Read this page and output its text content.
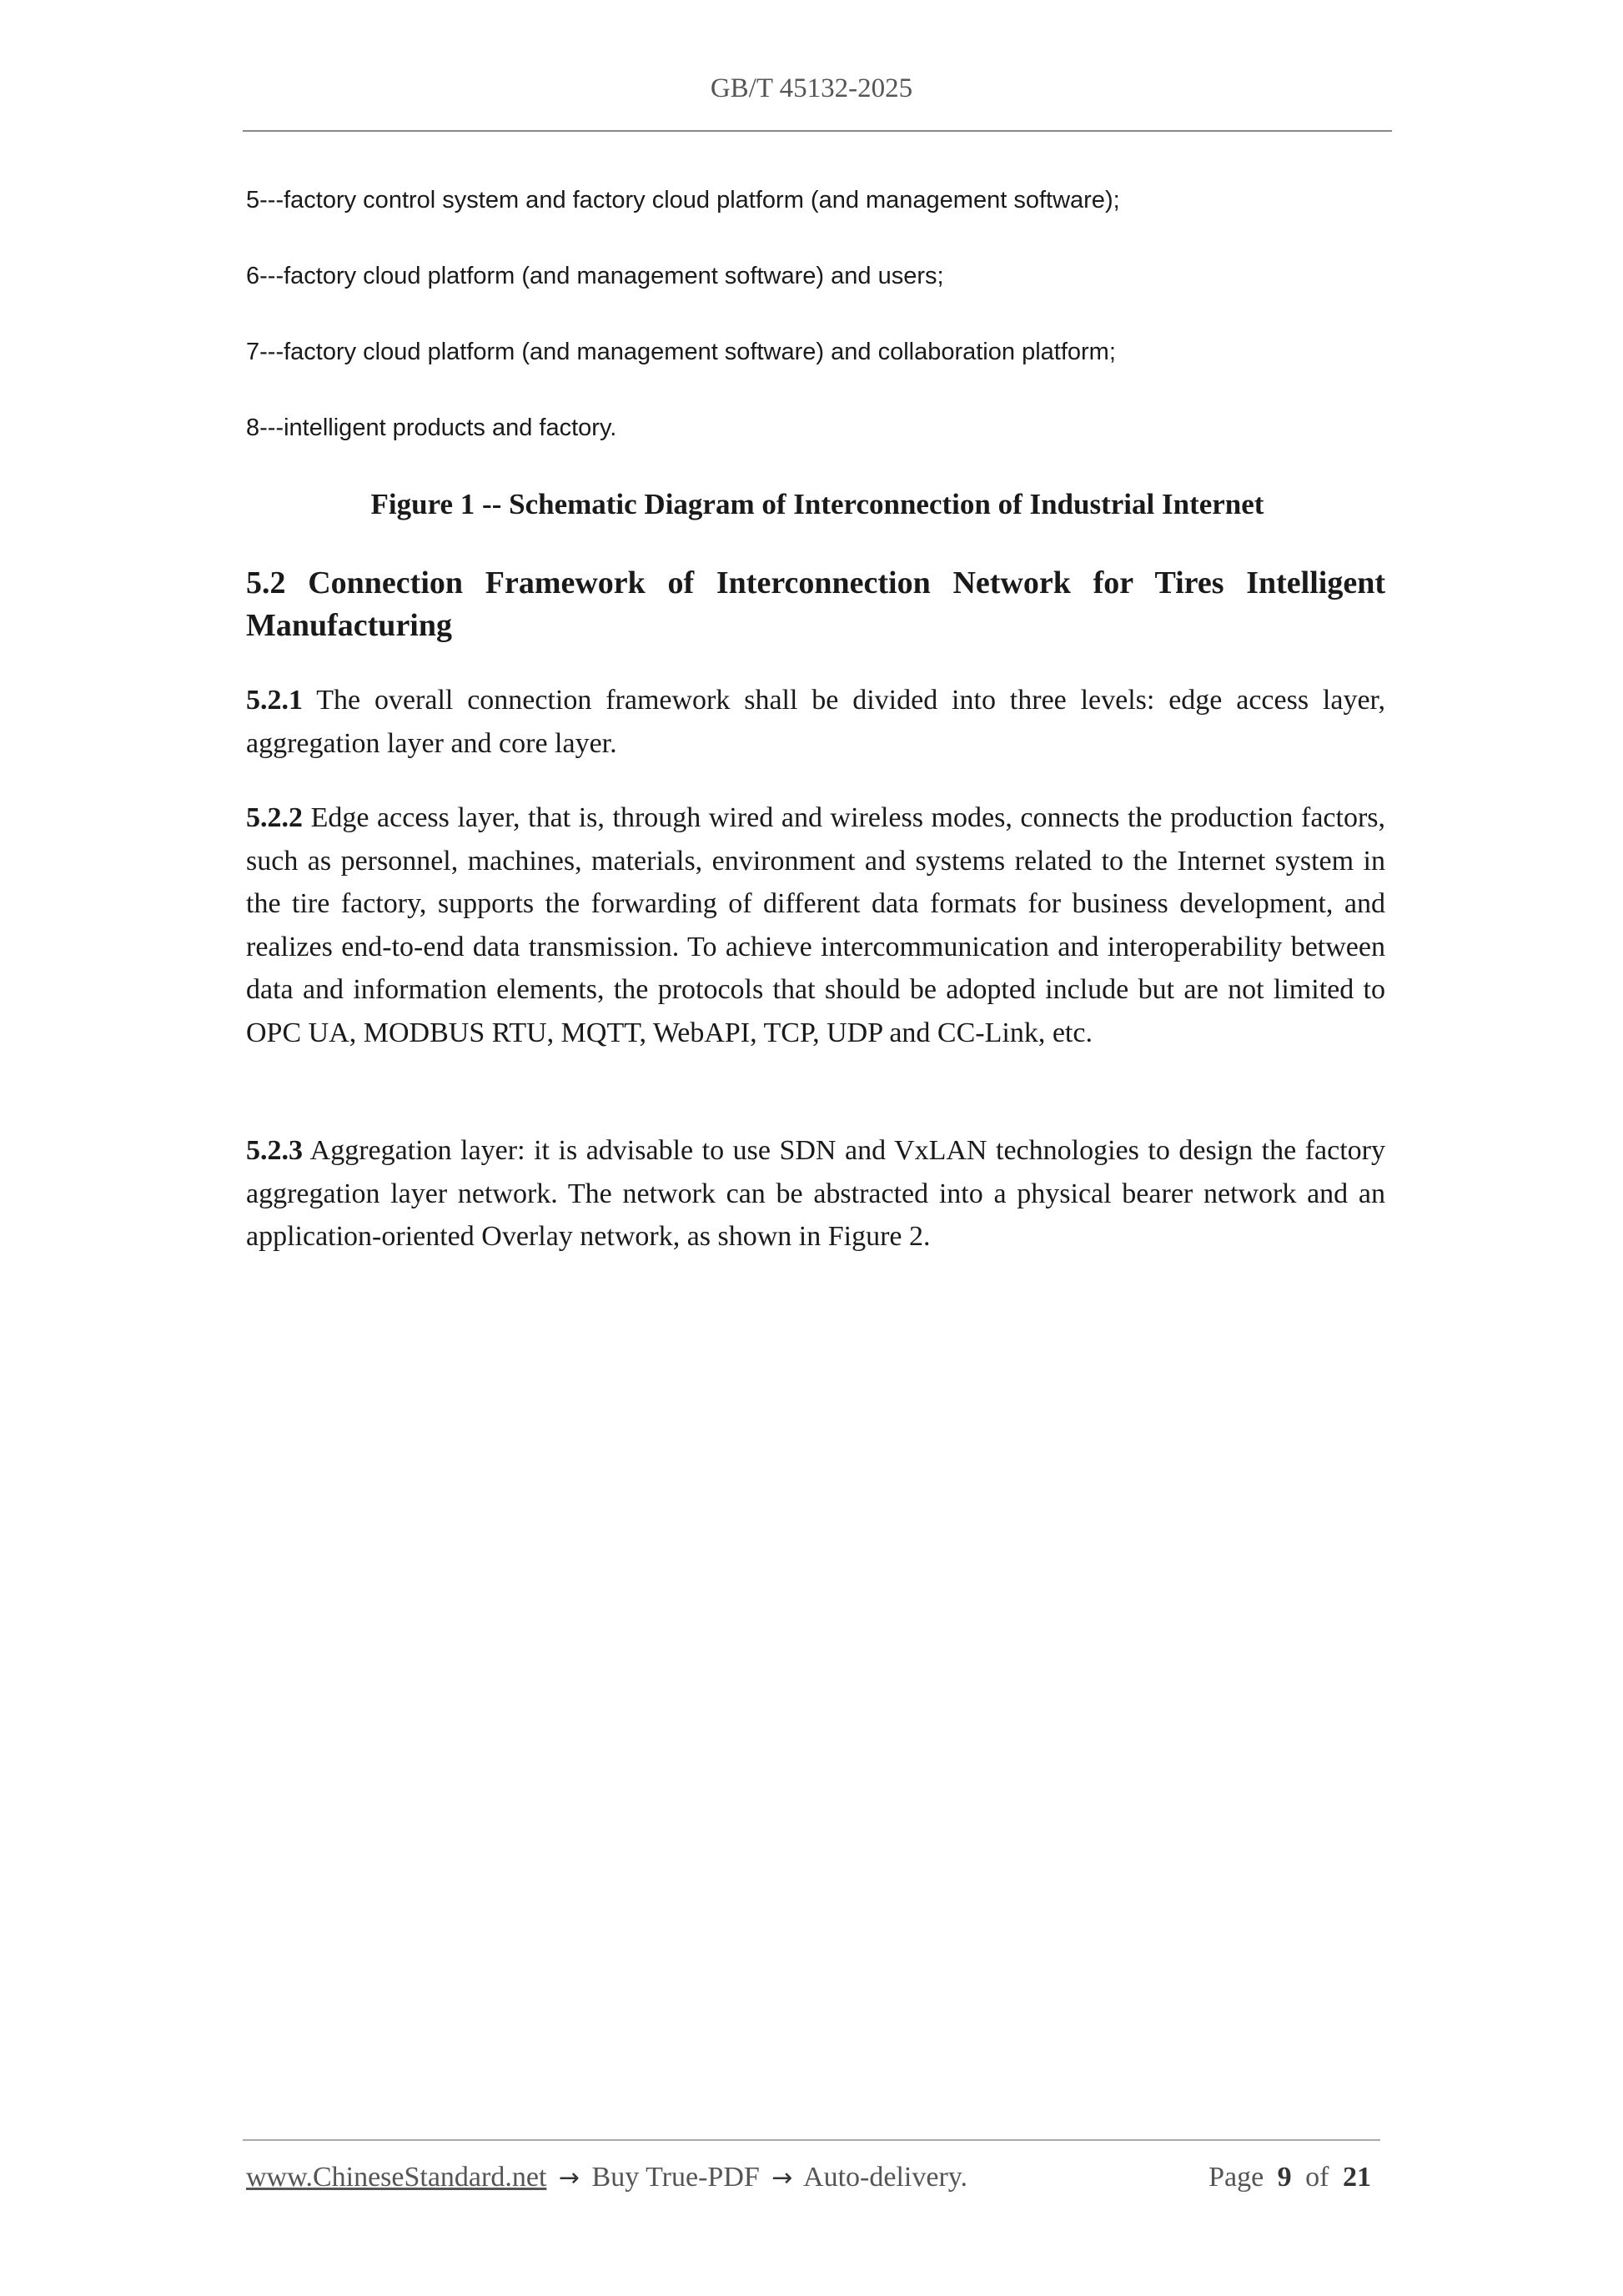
GB/T 45132-2025
5---factory control system and factory cloud platform (and management software);
6---factory cloud platform (and management software) and users;
7---factory cloud platform (and management software) and collaboration platform;
8---intelligent products and factory.
Figure 1 -- Schematic Diagram of Interconnection of Industrial Internet
5.2 Connection Framework of Interconnection Network for Tires Intelligent Manufacturing

5.2.1 The overall connection framework shall be divided into three levels: edge access layer, aggregation layer and core layer.

5.2.2 Edge access layer, that is, through wired and wireless modes, connects the production factors, such as personnel, machines, materials, environment and systems related to the Internet system in the tire factory, supports the forwarding of different data formats for business development, and realizes end-to-end data transmission. To achieve intercommunication and interoperability between data and information elements, the protocols that should be adopted include but are not limited to OPC UA, MODBUS RTU, MQTT, WebAPI, TCP, UDP and CC-Link, etc.

5.2.3 Aggregation layer: it is advisable to use SDN and VxLAN technologies to design the factory aggregation layer network. The network can be abstracted into a physical bearer network and an application-oriented Overlay network, as shown in Figure 2.

www.ChineseStandard.net → Buy True-PDF → Auto-delivery.	Page 9 of 21
